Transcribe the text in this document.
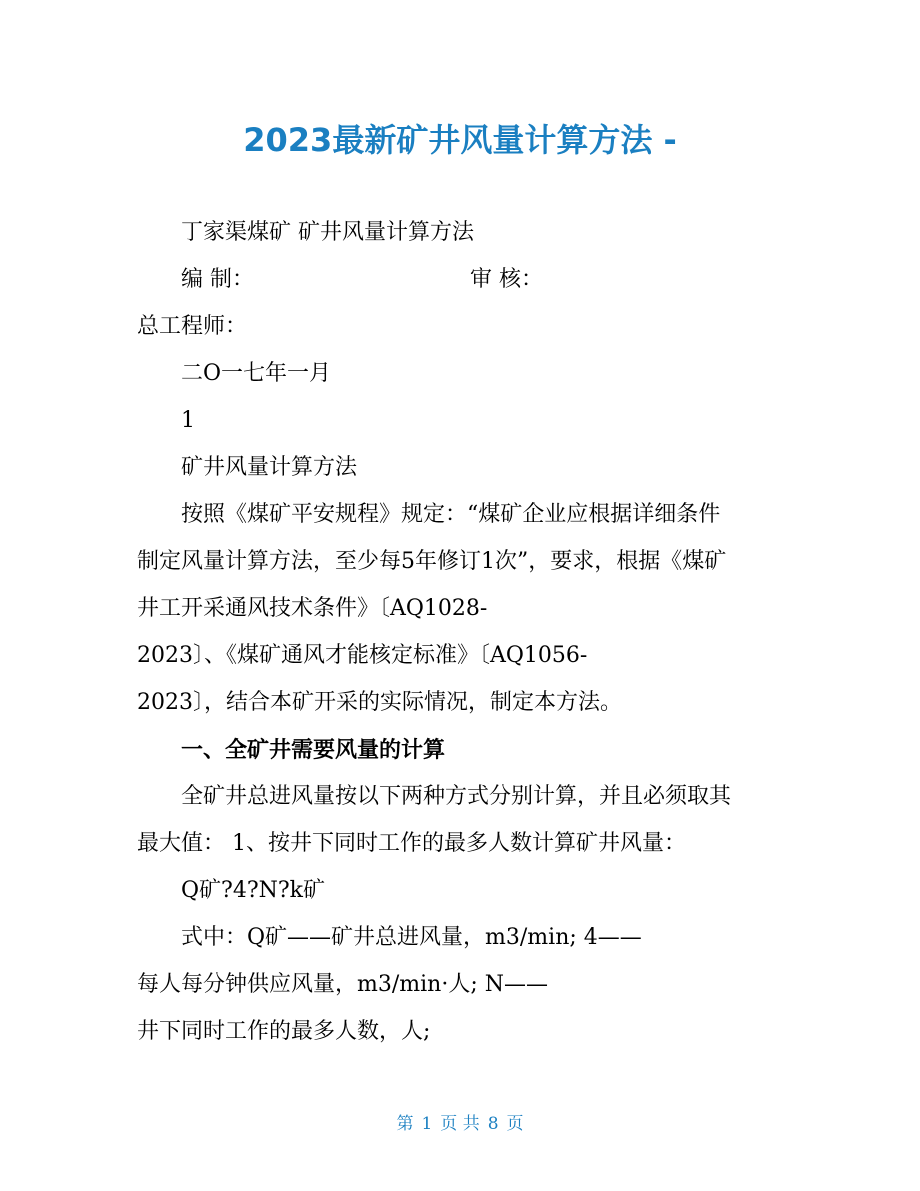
2023最新矿井风量计算方法 -
丁家渠煤矿 矿井风量计算方法
编 制：	审 核：
总工程师：
二O一七年一月
1
矿井风量计算方法
按照《煤矿平安规程》规定：“煤矿企业应根据详细条件
制定风量计算方法，至少每5年修订1次”，要求，根据《煤矿
井工开采通风技术条件》〔AQ1028-
2023〕、《煤矿通风才能核定标准》〔AQ1056-
2023〕，结合本矿开采的实际情况，制定本方法。
一、全矿井需要风量的计算
全矿井总进风量按以下两种方式分别计算，并且必须取其
最大值： 1、按井下同时工作的最多人数计算矿井风量：
Q矿?4?N?k矿
式中：Q矿——矿井总进风量，m3/min; 4——
每人每分钟供应风量，m3/min·人; N——
井下同时工作的最多人数，人;
第 1 页 共 8 页
